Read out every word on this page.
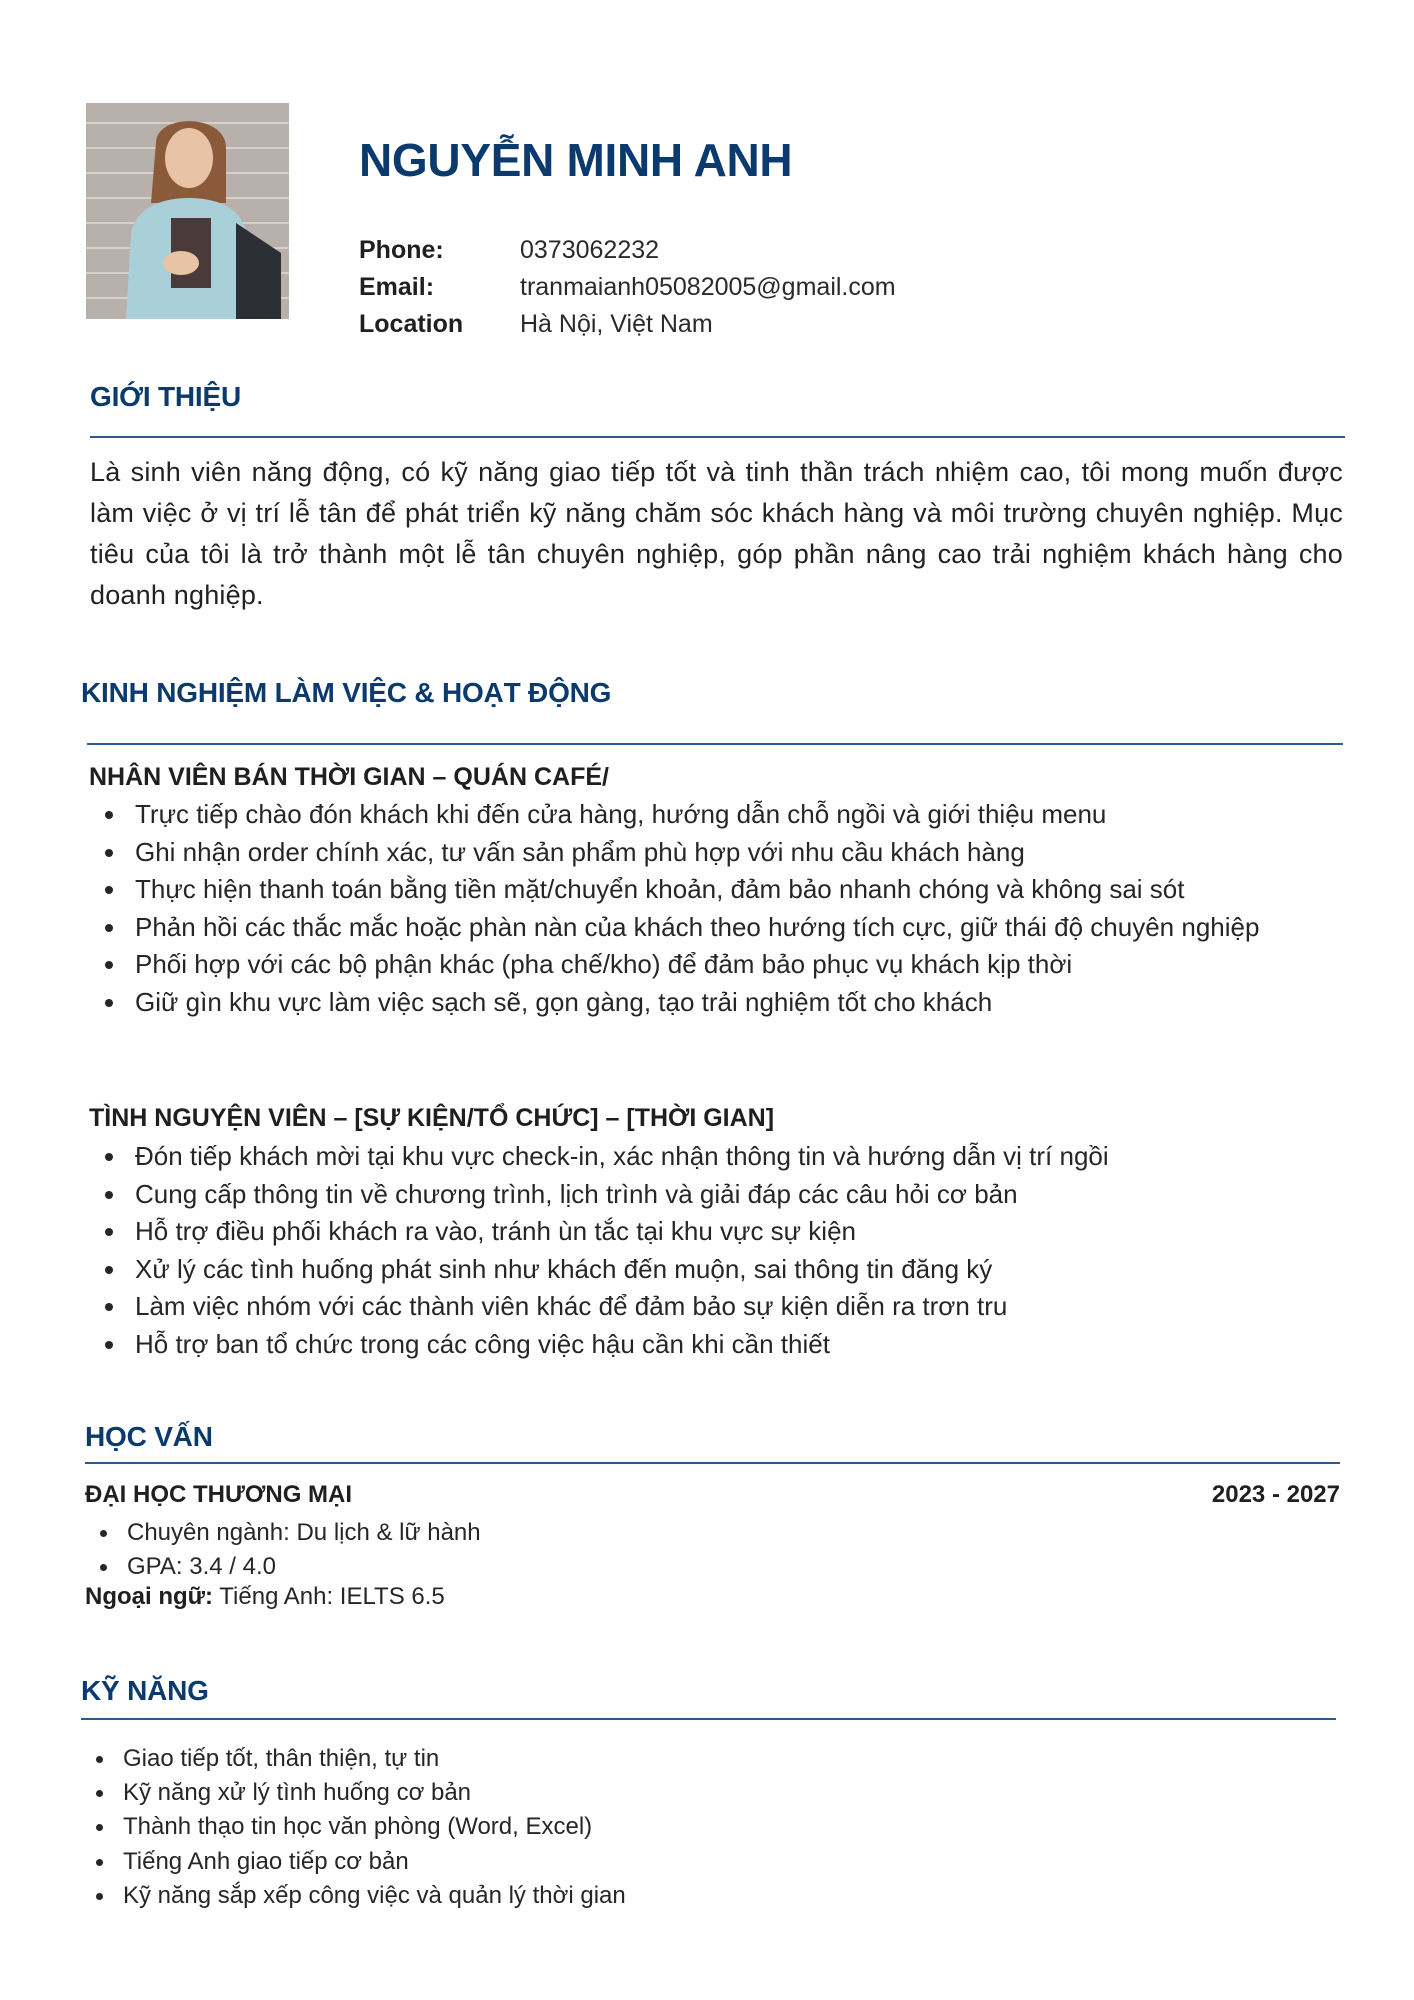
NGUYỄN MINH ANH
Phone:	0373062232
Email:	tranmaianh05082005@gmail.com
Location	Hà Nội, Việt Nam
GIỚI THIỆU

Là sinh viên năng động, có kỹ năng giao tiếp tốt và tinh thần trách nhiệm cao, tôi mong muốn được làm việc ở vị trí lễ tân để phát triển kỹ năng chăm sóc khách hàng và môi trường chuyên nghiệp. Mục tiêu của tôi là trở thành một lễ tân chuyên nghiệp, góp phần nâng cao trải nghiệm khách hàng cho doanh nghiệp.

KINH NGHIỆM LÀM VIỆC & HOẠT ĐỘNG
NHÂN VIÊN BÁN THỜI GIAN – QUÁN CAFÉ/
Trực tiếp chào đón khách khi đến cửa hàng, hướng dẫn chỗ ngồi và giới thiệu menu
Ghi nhận order chính xác, tư vấn sản phẩm phù hợp với nhu cầu khách hàng
Thực hiện thanh toán bằng tiền mặt/chuyển khoản, đảm bảo nhanh chóng và không sai sót
Phản hồi các thắc mắc hoặc phàn nàn của khách theo hướng tích cực, giữ thái độ chuyên nghiệp
Phối hợp với các bộ phận khác (pha chế/kho) để đảm bảo phục vụ khách kịp thời
Giữ gìn khu vực làm việc sạch sẽ, gọn gàng, tạo trải nghiệm tốt cho khách
TÌNH NGUYỆN VIÊN – [SỰ KIỆN/TỔ CHỨC] – [THỜI GIAN]
Đón tiếp khách mời tại khu vực check-in, xác nhận thông tin và hướng dẫn vị trí ngồi
Cung cấp thông tin về chương trình, lịch trình và giải đáp các câu hỏi cơ bản
Hỗ trợ điều phối khách ra vào, tránh ùn tắc tại khu vực sự kiện
Xử lý các tình huống phát sinh như khách đến muộn, sai thông tin đăng ký
Làm việc nhóm với các thành viên khác để đảm bảo sự kiện diễn ra trơn tru
Hỗ trợ ban tổ chức trong các công việc hậu cần khi cần thiết
HỌC VẤN
ĐẠI HỌC THƯƠNG MẠI	2023 - 2027
Chuyên ngành: Du lịch & lữ hành
GPA: 3.4 / 4.0
Ngoại ngữ: Tiếng Anh: IELTS 6.5
KỸ NĂNG
Giao tiếp tốt, thân thiện, tự tin
Kỹ năng xử lý tình huống cơ bản
Thành thạo tin học văn phòng (Word, Excel)
Tiếng Anh giao tiếp cơ bản
Kỹ năng sắp xếp công việc và quản lý thời gian
